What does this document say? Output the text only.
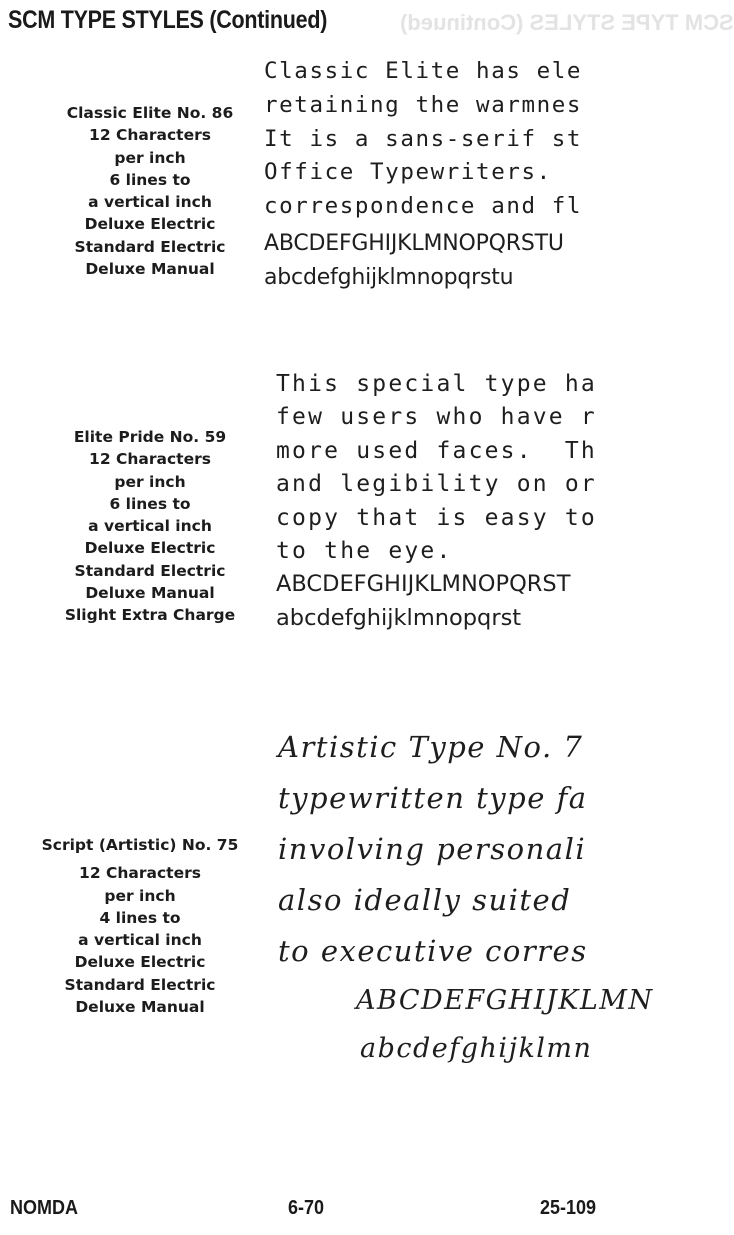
SCM TYPE STYLES (Continued)	SCM TYPE STYLES (Continued)
Classic Elite No. 86
12 Characters
per inch
6 lines to
a vertical inch
Deluxe Electric
Standard Electric
Deluxe Manual
Classic Elite has ele
retaining the warmnes
It is a sans-serif st
Office Typewriters.
correspondence and fl
ABCDEFGHIJKLMNOPQRSTU
abcdefghijklmnopqrstu
Elite Pride No. 59
12 Characters
per inch
6 lines to
a vertical inch
Deluxe Electric
Standard Electric
Deluxe Manual
Slight Extra Charge
This special type ha
few users who have r
more used faces.  Th
and legibility on or
copy that is easy to
to the eye.
ABCDEFGHIJKLMNOPQRST
abcdefghijklmnopqrst
Script (Artistic) No. 75
12 Characters
per inch
4 lines to
a vertical inch
Deluxe Electric
Standard Electric
Deluxe Manual
Artistic Type No. 7
typewritten type fa
involving personali
also ideally suited
to executive corres
ABCDEFGHIJKLMN
abcdefghijklmn
NOMDA	6-70	25-109
